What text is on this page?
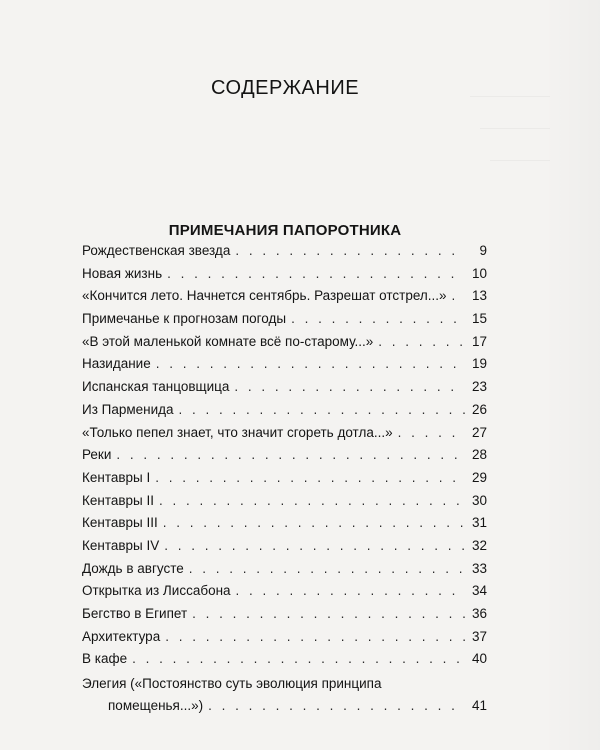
СОДЕРЖАНИЕ
ПРИМЕЧАНИЯ ПАПОРОТНИКА
Рождественская звезда . . .	9
Новая жизнь . . .	10
«Кончится лето. Начнется сентябрь. Разрешат отстрел...» . . . 13
Примечанье к прогнозам погоды . . .	15
«В этой маленькой комнате всё по-старому...» . . .	17
Назидание . . .	19
Испанская танцовщица . . .	23
Из Парменида . . .	26
«Только пепел знает, что значит сгореть дотла...» . . .	27
Реки . . .	28
Кентавры I . . .	29
Кентавры II . . .	30
Кентавры III . . .	31
Кентавры IV . . .	32
Дождь в августе . . .	33
Открытка из Лиссабона . . .	34
Бегство в Египет . . .	36
Архитектура . . .	37
В кафе . . .	40
Элегия («Постоянство суть эволюция принципа
помещенья...») . . .	41
